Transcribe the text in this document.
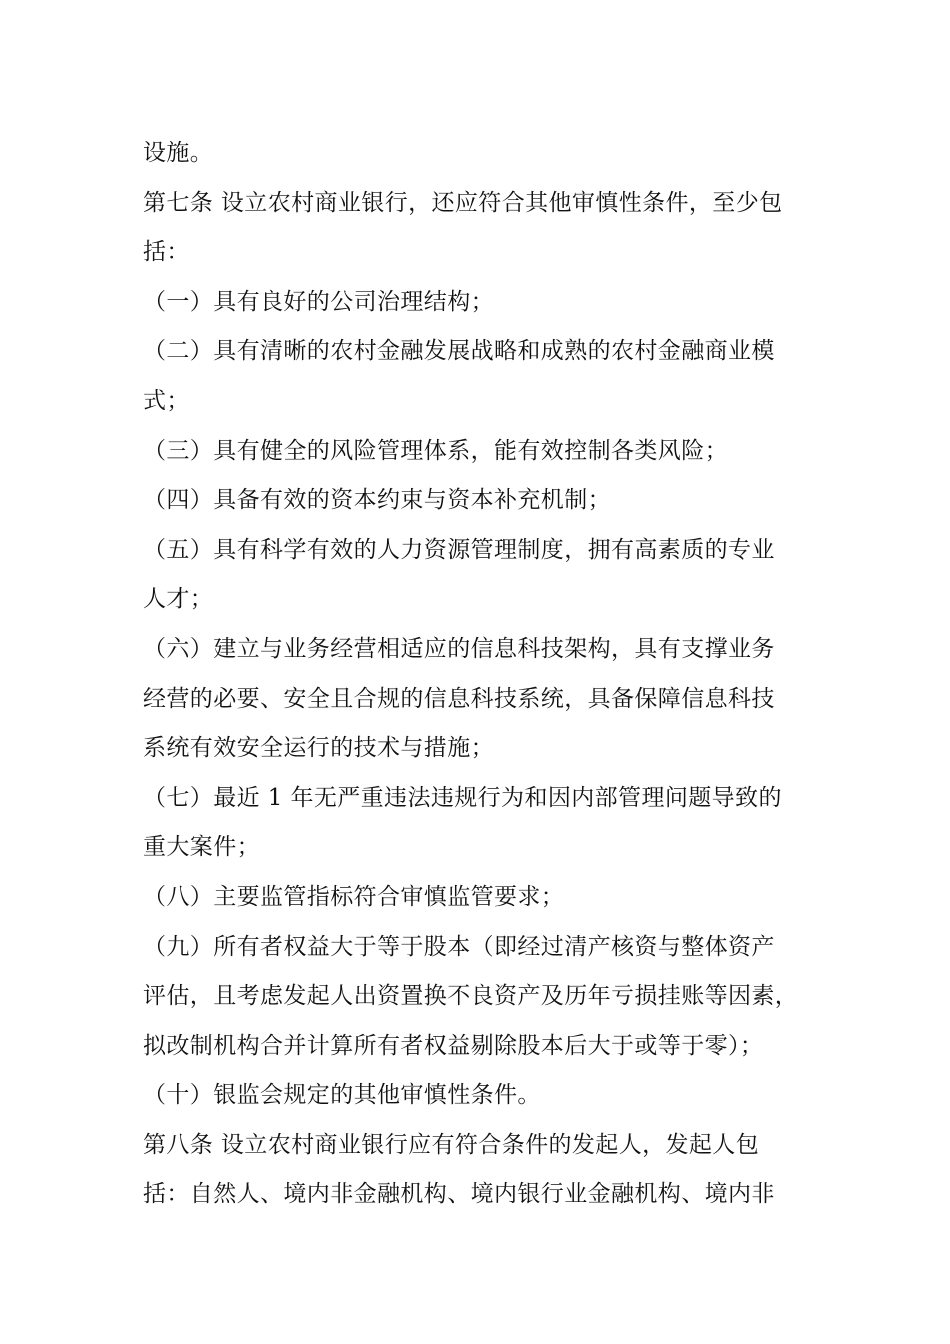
设施。
第七条 设立农村商业银行，还应符合其他审慎性条件，至少包
括：
（一）具有良好的公司治理结构；
（二）具有清晰的农村金融发展战略和成熟的农村金融商业模
式；
（三）具有健全的风险管理体系，能有效控制各类风险；
（四）具备有效的资本约束与资本补充机制；
（五）具有科学有效的人力资源管理制度，拥有高素质的专业
人才；
（六）建立与业务经营相适应的信息科技架构，具有支撑业务
经营的必要、安全且合规的信息科技系统，具备保障信息科技
系统有效安全运行的技术与措施；
（七）最近 1 年无严重违法违规行为和因内部管理问题导致的
重大案件；
（八）主要监管指标符合审慎监管要求；
（九）所有者权益大于等于股本（即经过清产核资与整体资产
评估，且考虑发起人出资置换不良资产及历年亏损挂账等因素，
拟改制机构合并计算所有者权益剔除股本后大于或等于零）；
（十）银监会规定的其他审慎性条件。
第八条 设立农村商业银行应有符合条件的发起人，发起人包
括：自然人、境内非金融机构、境内银行业金融机构、境内非
